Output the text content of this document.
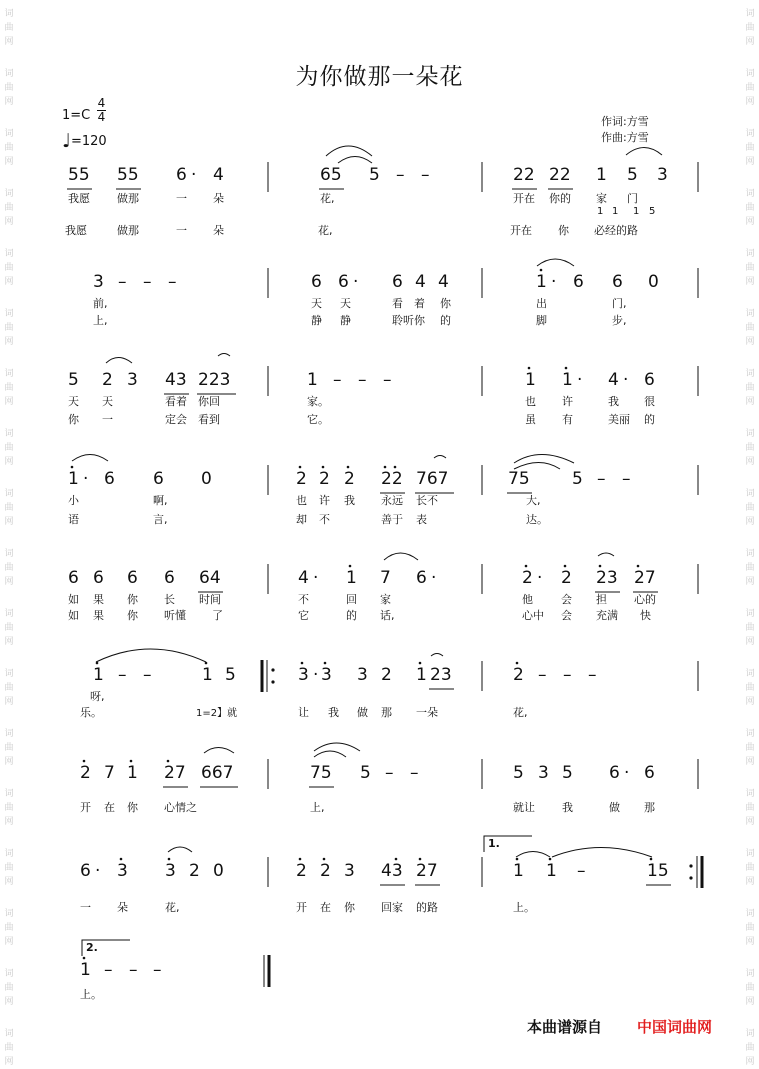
词
曲
网
词
曲
网
词
曲
网
词
曲
网
词
曲
网
词
曲
网
词
曲
网
词
曲
网
词
曲
网
词
曲
网
词
曲
网
词
曲
网
词
曲
网
词
曲
网
词
曲
网
词
曲
网
词
曲
网
词
曲
网
词
曲
网
词
曲
网
词
曲
网
词
曲
网
词
曲
网
词
曲
网
词
曲
网
词
曲
网
词
曲
网
词
曲
网
词
曲
网
词
曲
网
词
曲
网
词
曲
网
词
曲
网
词
曲
网
词
曲
网
词
曲
网
为你做那一朵花
1=C
4
4
♩=120
作词:方雪
作曲:方雪
55 55 6 · 4	65 5 – –	22 22 1 5 3
我愿 做那	一 朵	花,	开在 你的 家 门
我愿	做那	一 朵	花,	开在 你 必经的路
1 1 1 5
3 – – –	6 6 · 6 4 4	1 · 6 6 0
前,	天 天	看 着 你	出	门,
上,	静 静	聆听你 的	脚	步,
5 2 3 43 223	1 – – –	1 1 · 4 · 6
天 天	看着 你回	家。	也 许	我 很
你 一	定会 看到	它。	虽 有	美丽 的
1 · 6 6 0	2 2 2 22 767	75 5 – –
小	啊,	也 许 我 永远 长不	大,
语	言,	却 不	善于 表	达。
6 6 6 6 64	4 · 1 7 6 ·	2 · 2 23 27
如 果 你 长 时间	不	回 家	他	会 担 心的
如 果 你 听懂 了	它	的 话,	心中 会 充满 快
1 – –	1 5	3 · 3 3 2 1 23	2 – – –
呀,
乐。	让 我 做 那 一朵	花,
1=2】就
2 7 1 27 667	75 5 – –	5 3 5 6 · 6
开 在 你 心情之	上,	就让 我	做 那
6 · 3 3 2 0	2 2 3 43 27	1 1 –	15
一 朵	花,	开 在 你 回家 的路	上。
1 – – –
上。
1.
2.
本曲谱源自 中国词曲网
